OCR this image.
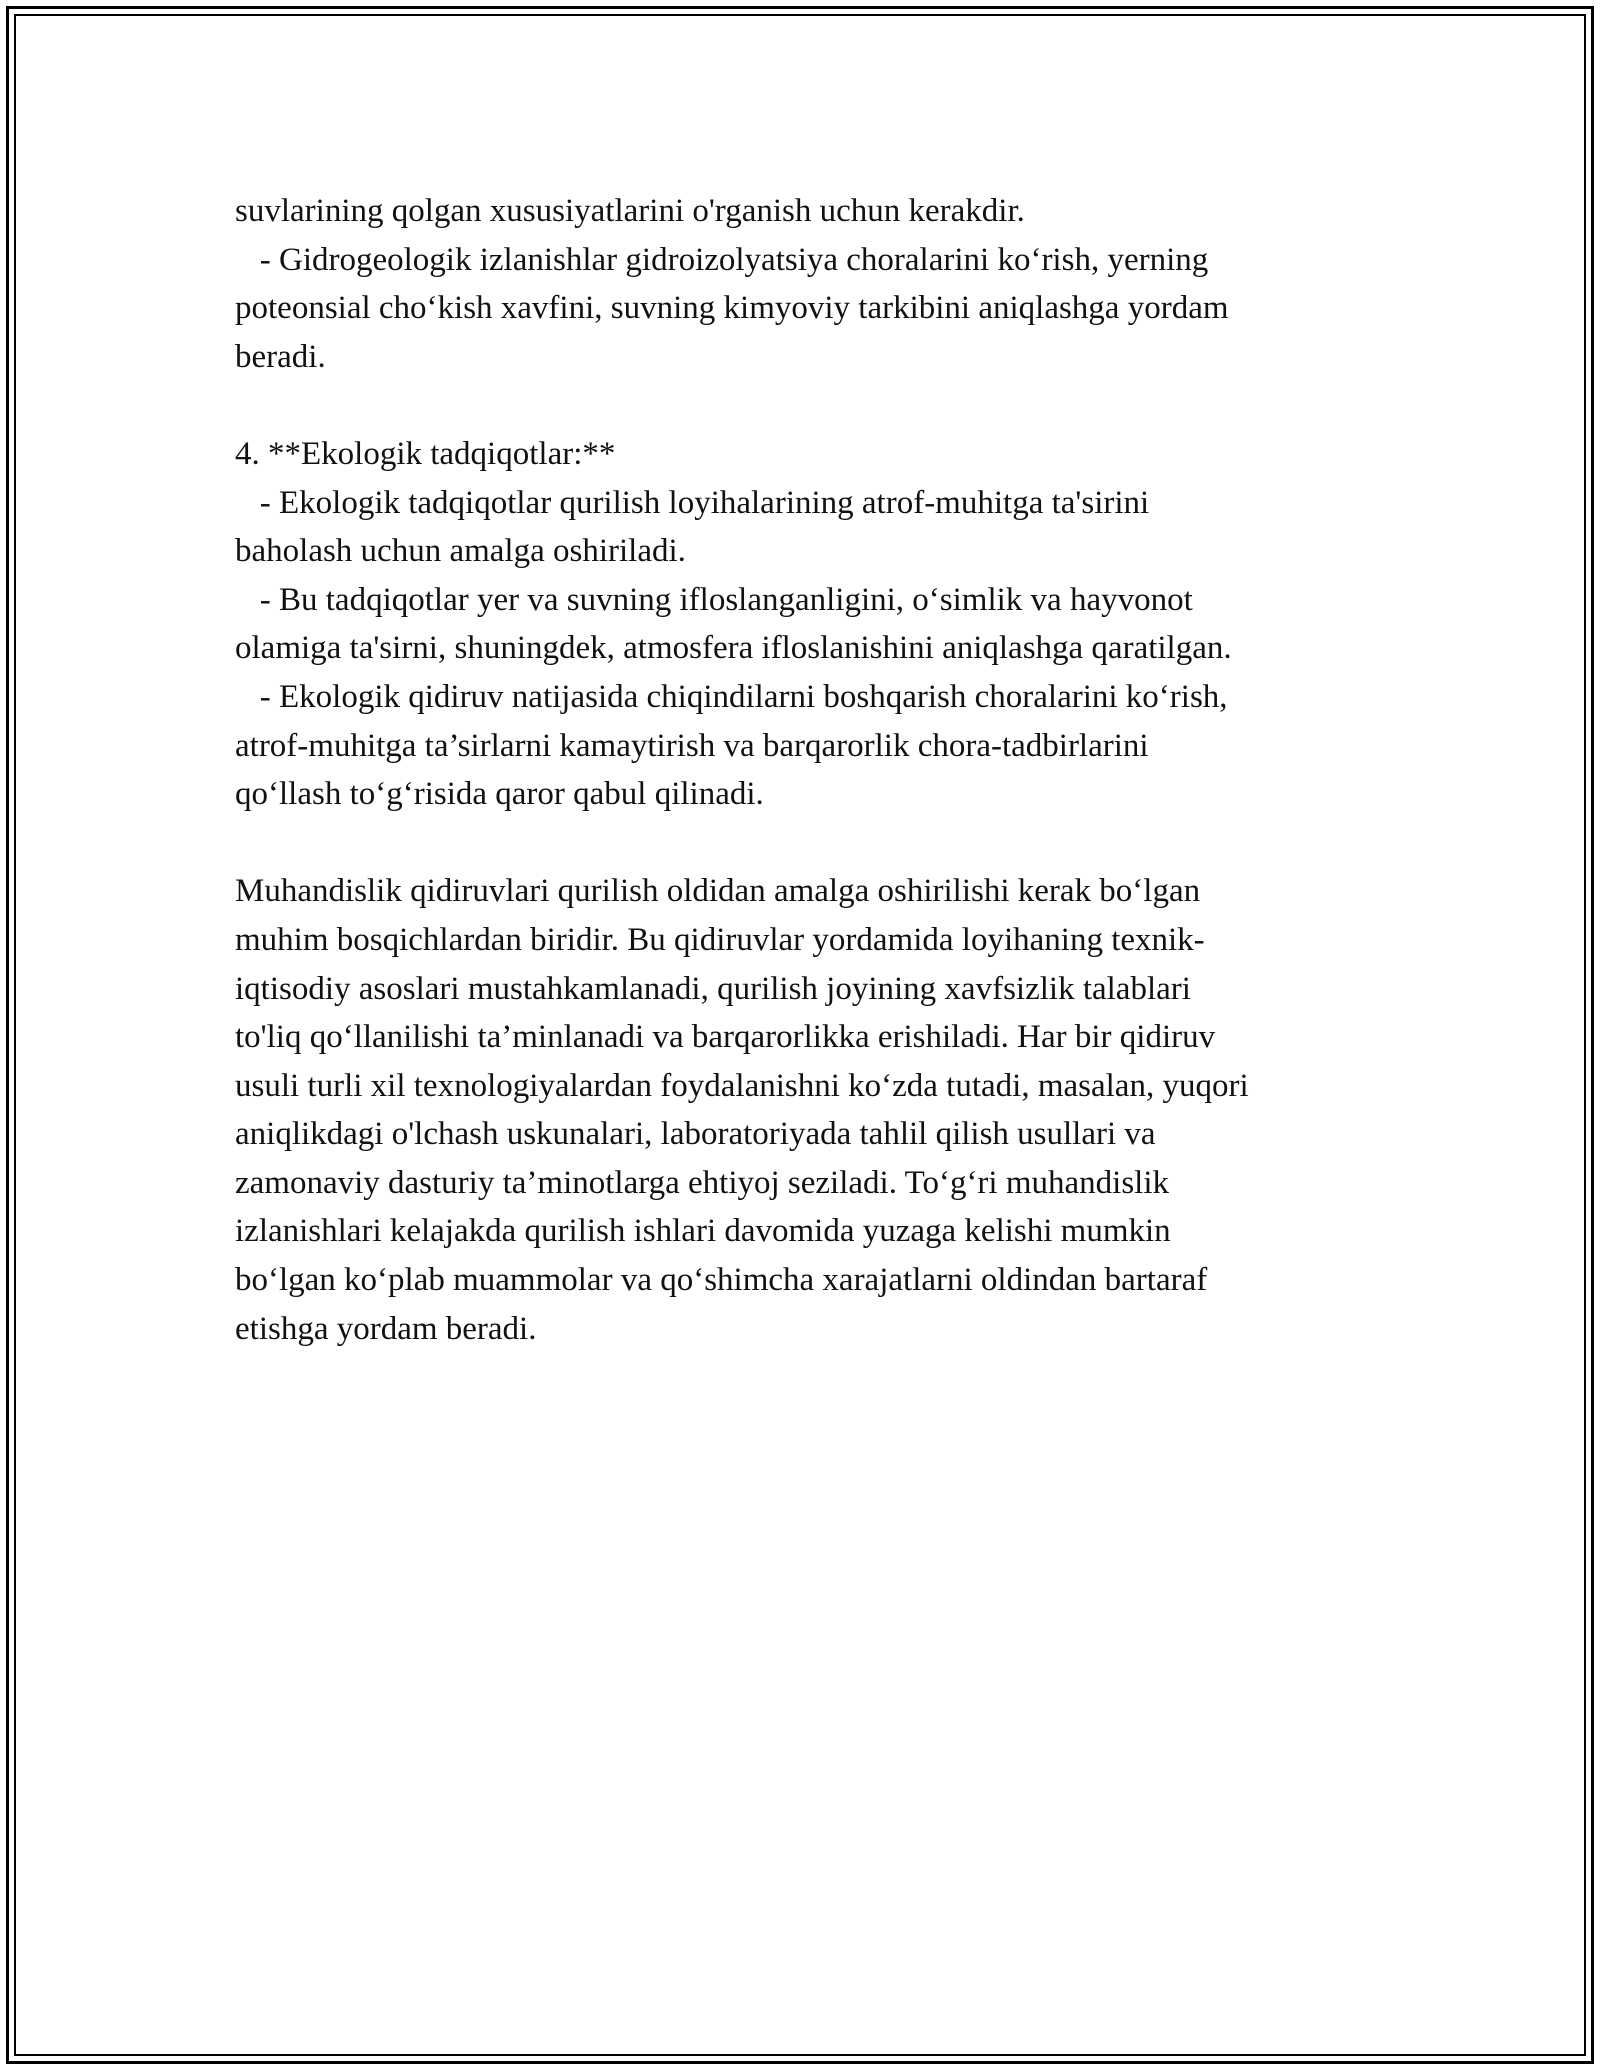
suvlarining qolgan xususiyatlarini o'rganish uchun kerakdir.
- Gidrogeologik izlanishlar gidroizolyatsiya choralarini ko‘rish, yerning
poteonsial cho‘kish xavfini, suvning kimyoviy tarkibini aniqlashga yordam
beradi.
4. **Ekologik tadqiqotlar:**
- Ekologik tadqiqotlar qurilish loyihalarining atrof-muhitga ta'sirini
baholash uchun amalga oshiriladi.
- Bu tadqiqotlar yer va suvning ifloslanganligini, o‘simlik va hayvonot
olamiga ta'sirni, shuningdek, atmosfera ifloslanishini aniqlashga qaratilgan.
- Ekologik qidiruv natijasida chiqindilarni boshqarish choralarini ko‘rish,
atrof-muhitga ta’sirlarni kamaytirish va barqarorlik chora-tadbirlarini
qo‘llash to‘g‘risida qaror qabul qilinadi.
Muhandislik qidiruvlari qurilish oldidan amalga oshirilishi kerak bo‘lgan
muhim bosqichlardan biridir. Bu qidiruvlar yordamida loyihaning texnik-
iqtisodiy asoslari mustahkamlanadi, qurilish joyining xavfsizlik talablari
to'liq qo‘llanilishi ta’minlanadi va barqarorlikka erishiladi. Har bir qidiruv
usuli turli xil texnologiyalardan foydalanishni ko‘zda tutadi, masalan, yuqori
aniqlikdagi o'lchash uskunalari, laboratoriyada tahlil qilish usullari va
zamonaviy dasturiy ta’minotlarga ehtiyoj seziladi. To‘g‘ri muhandislik
izlanishlari kelajakda qurilish ishlari davomida yuzaga kelishi mumkin
bo‘lgan ko‘plab muammolar va qo‘shimcha xarajatlarni oldindan bartaraf
etishga yordam beradi.
